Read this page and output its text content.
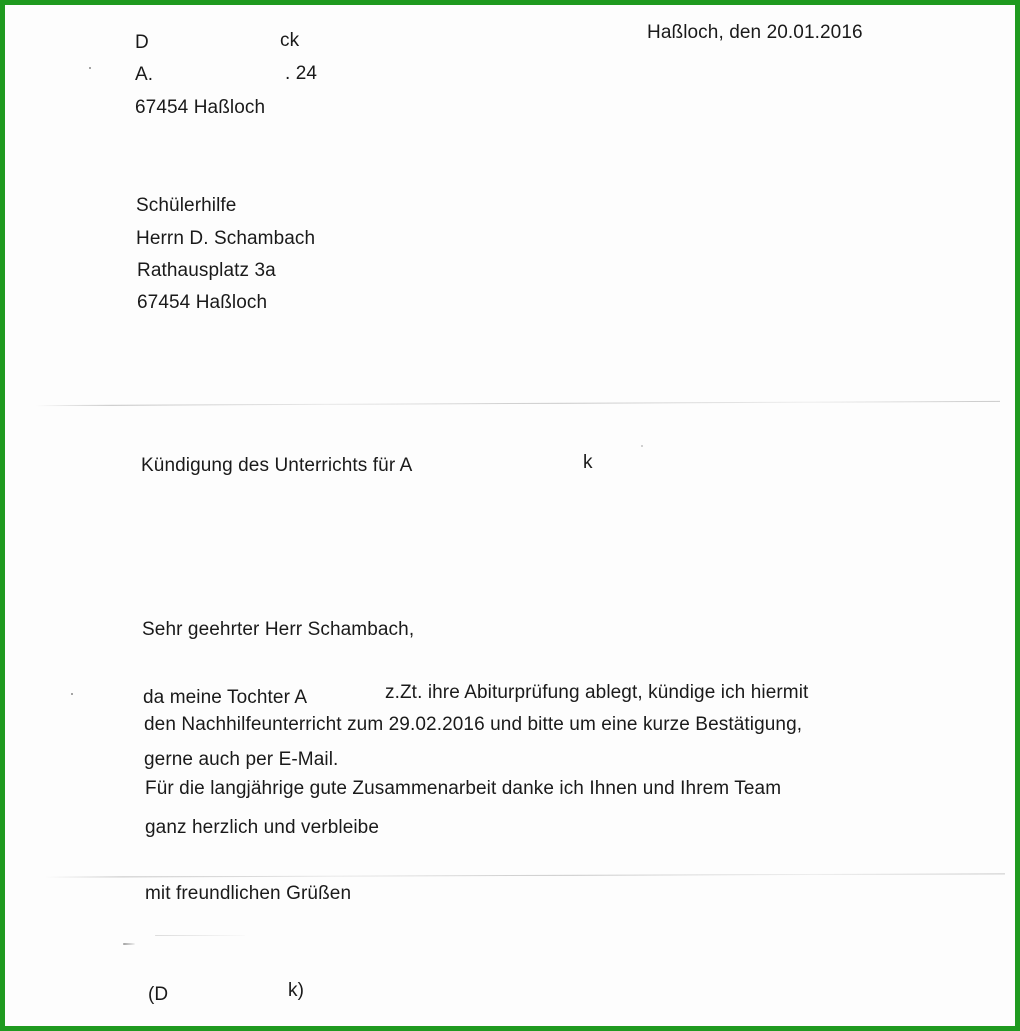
D	ck
A.	. 24
67454 Haßloch
Haßloch, den 20.01.2016
Schülerhilfe
Herrn D. Schambach
Rathausplatz 3a
67454 Haßloch
Kündigung des Unterrichts für A	k
Sehr geehrter Herr Schambach,
da meine Tochter A	z.Zt. ihre Abiturprüfung ablegt, kündige ich hiermit
den Nachhilfeunterricht zum 29.02.2016 und bitte um eine kurze Bestätigung,
gerne auch per E-Mail.
Für die langjährige gute Zusammenarbeit danke ich Ihnen und Ihrem Team
ganz herzlich und verbleibe
mit freundlichen Grüßen
(D	k)
